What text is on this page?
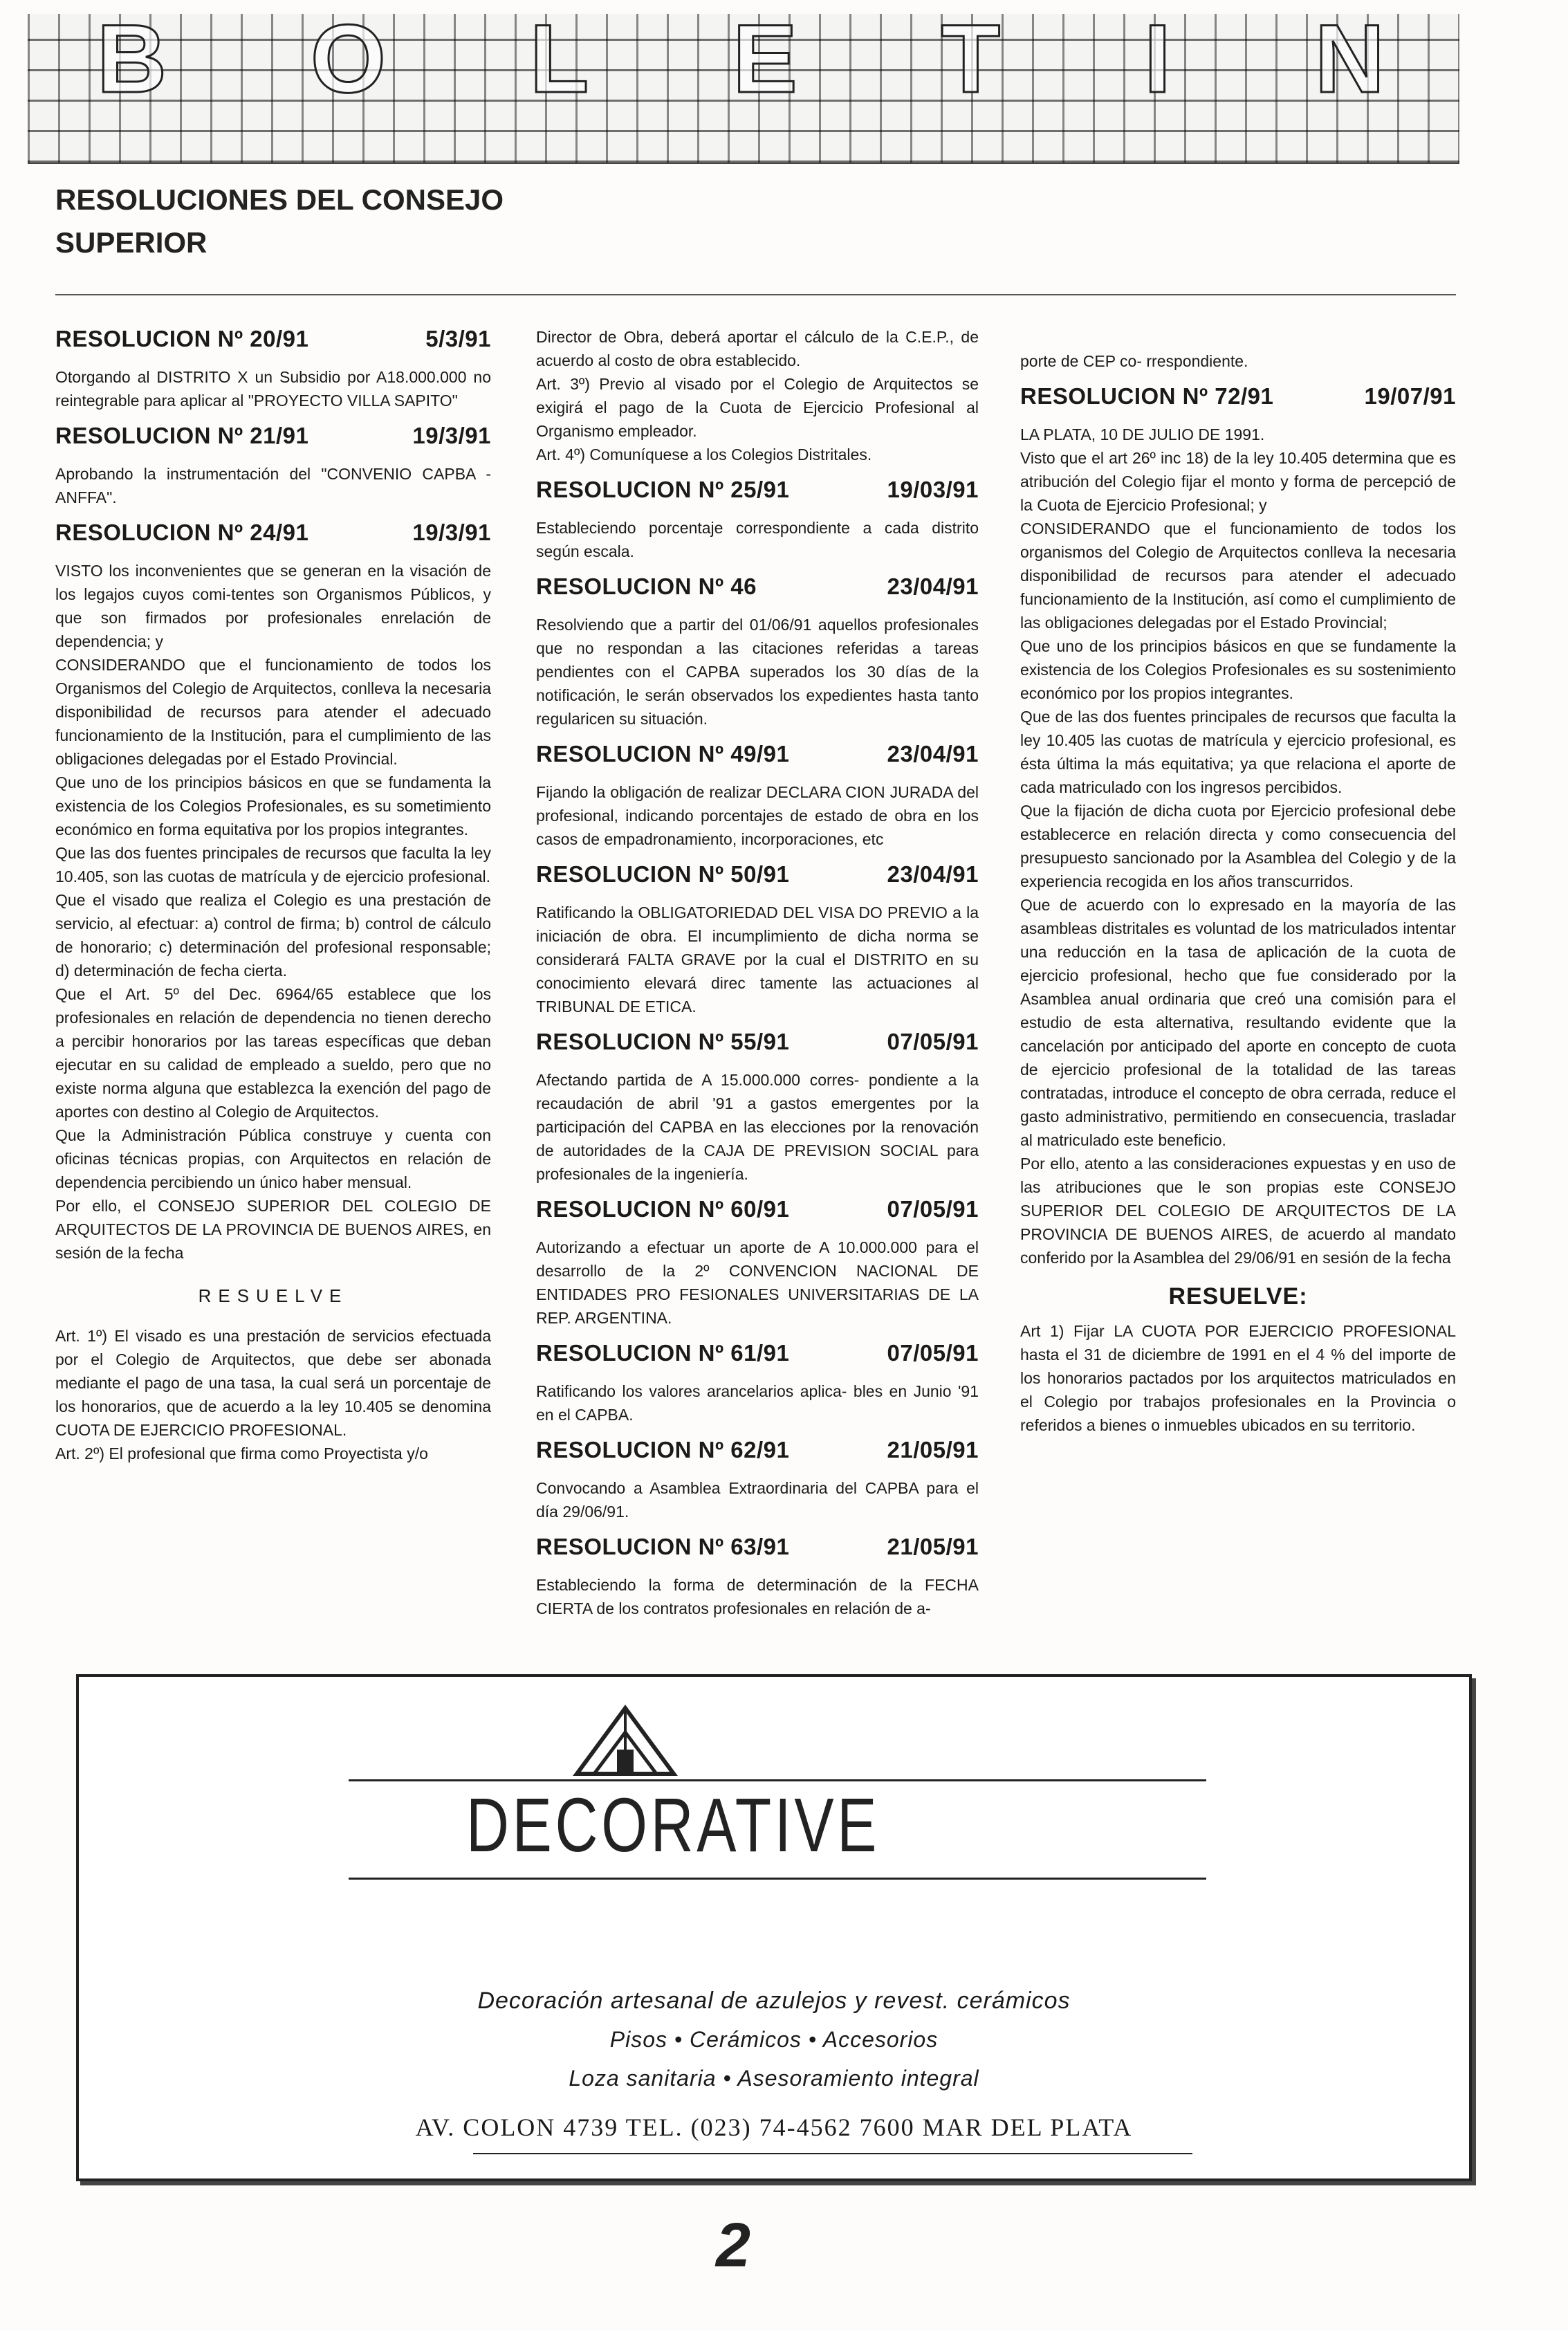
B O L E T I N
RESOLUCIONES DEL CONSEJO
SUPERIOR
RESOLUCION Nº 20/91	5/3/91

Otorgando al DISTRITO X un Subsidio por A18.000.000 no reintegrable para aplicar al "PROYECTO VILLA SAPITO"

RESOLUCION Nº 21/91	19/3/91

Aprobando la instrumentación del "CONVENIO CAPBA - ANFFA".

RESOLUCION Nº 24/91	19/3/91

VISTO los inconvenientes que se generan en la visación de los legajos cuyos comi-tentes son Organismos Públicos, y que son firmados por profesionales enrelación de dependencia; y
CONSIDERANDO que el funcionamiento de todos los Organismos del Colegio de Arquitectos, conlleva la necesaria disponibilidad de recursos para atender el adecuado funcionamiento de la Institución, para el cumplimiento de las obligaciones delegadas por el Estado Provincial.
Que uno de los principios básicos en que se fundamenta la existencia de los Colegios Profesionales, es su sometimiento económico en forma equitativa por los propios integrantes.
Que las dos fuentes principales de recursos que faculta la ley 10.405, son las cuotas de matrícula y de ejercicio profesional.
Que el visado que realiza el Colegio es una prestación de servicio, al efectuar: a) control de firma; b) control de cálculo de honorario; c) determinación del profesional responsable; d) determinación de fecha cierta.
Que el Art. 5º del Dec. 6964/65 establece que los profesionales en relación de dependencia no tienen derecho a percibir honorarios por las tareas específicas que deban ejecutar en su calidad de empleado a sueldo, pero que no existe norma alguna que establezca la exención del pago de aportes con destino al Colegio de Arquitectos.
Que la Administración Pública construye y cuenta con oficinas técnicas propias, con Arquitectos en relación de dependencia percibiendo un único haber mensual.
Por ello, el CONSEJO SUPERIOR DEL COLEGIO DE ARQUITECTOS DE LA PROVINCIA DE BUENOS AIRES, en sesión de la fecha

RESUELVE

Art. 1º) El visado es una prestación de servicios efectuada por el Colegio de Arquitectos, que debe ser abonada mediante el pago de una tasa, la cual será un porcentaje de los honorarios, que de acuerdo a la ley 10.405 se denomina CUOTA DE EJERCICIO PROFESIONAL.
Art. 2º) El profesional que firma como Proyectista y/o

Director de Obra, deberá aportar el cálculo de la C.E.P., de acuerdo al costo de obra establecido.
Art. 3º) Previo al visado por el Colegio de Arquitectos se exigirá el pago de la Cuota de Ejercicio Profesional al Organismo empleador.
Art. 4º) Comuníquese a los Colegios Distritales.

RESOLUCION Nº 25/91	19/03/91

Estableciendo porcentaje correspondiente a cada distrito según escala.

RESOLUCION Nº 46	23/04/91

Resolviendo que a partir del 01/06/91 aquellos profesionales que no respondan a las citaciones referidas a tareas pendientes con el CAPBA superados los 30 días de la notificación, le serán observados los expedientes hasta tanto regularicen su situación.

RESOLUCION Nº 49/91	23/04/91

Fijando la obligación de realizar DECLARA CION JURADA del profesional, indicando porcentajes de estado de obra en los casos de empadronamiento, incorporaciones, etc

RESOLUCION Nº 50/91	23/04/91

Ratificando la OBLIGATORIEDAD DEL VISA DO PREVIO a la iniciación de obra. El incumplimiento de dicha norma se considerará FALTA GRAVE por la cual el DISTRITO en su conocimiento elevará direc tamente las actuaciones al TRIBUNAL DE ETICA.

RESOLUCION Nº 55/91	07/05/91

Afectando partida de A 15.000.000 corres- pondiente a la recaudación de abril '91 a gastos emergentes por la participación del CAPBA en las elecciones por la renovación de autoridades de la CAJA DE PREVISION SOCIAL para profesionales de la ingeniería.

RESOLUCION Nº 60/91	07/05/91

Autorizando a efectuar un aporte de A 10.000.000 para el desarrollo de la 2º CONVENCION NACIONAL DE ENTIDADES PRO FESIONALES UNIVERSITARIAS DE LA REP. ARGENTINA.

RESOLUCION Nº 61/91	07/05/91

Ratificando los valores arancelarios aplica- bles en Junio '91 en el CAPBA.

RESOLUCION Nº 62/91	21/05/91

Convocando a Asamblea Extraordinaria del CAPBA para el día 29/06/91.

RESOLUCION Nº 63/91	21/05/91

Estableciendo la forma de determinación de la FECHA CIERTA de los contratos profesionales en relación de a-

porte de CEP co- rrespondiente.

RESOLUCION Nº 72/91	19/07/91

LA PLATA, 10 DE JULIO DE 1991.
Visto que el art 26º inc 18) de la ley 10.405 determina que es atribución del Colegio fijar el monto y forma de percepció de la Cuota de Ejercicio Profesional; y
CONSIDERANDO que el funcionamiento de todos los organismos del Colegio de Arquitectos conlleva la necesaria disponibilidad de recursos para atender el adecuado funcionamiento de la Institución, así como el cumplimiento de las obligaciones delegadas por el Estado Provincial;
Que uno de los principios básicos en que se fundamente la existencia de los Colegios Profesionales es su sostenimiento económico por los propios integrantes.
Que de las dos fuentes principales de recursos que faculta la ley 10.405 las cuotas de matrícula y ejercicio profesional, es ésta última la más equitativa; ya que relaciona el aporte de cada matriculado con los ingresos percibidos.
Que la fijación de dicha cuota por Ejercicio profesional debe establecerce en relación directa y como consecuencia del presupuesto sancionado por la Asamblea del Colegio y de la experiencia recogida en los años transcurridos.
Que de acuerdo con lo expresado en la mayoría de las asambleas distritales es voluntad de los matriculados intentar una reducción en la tasa de aplicación de la cuota de ejercicio profesional, hecho que fue considerado por la Asamblea anual ordinaria que creó una comisión para el estudio de esta alternativa, resultando evidente que la cancelación por anticipado del aporte en concepto de cuota de ejercicio profesional de la totalidad de las tareas contratadas, introduce el concepto de obra cerrada, reduce el gasto administrativo, permitiendo en consecuencia, trasladar al matriculado este beneficio.
Por ello, atento a las consideraciones expuestas y en uso de las atribuciones que le son propias este CONSEJO SUPERIOR DEL COLEGIO DE ARQUITECTOS DE LA PROVINCIA DE BUENOS AIRES, de acuerdo al mandato conferido por la Asamblea del 29/06/91 en sesión de la fecha

RESUELVE:

Art 1) Fijar LA CUOTA POR EJERCICIO PROFESIONAL hasta el 31 de diciembre de 1991 en el 4 % del importe de los honorarios pactados por los arquitectos matriculados en el Colegio por trabajos profesionales en la Provincia o referidos a bienes o inmuebles ubicados en su territorio.

DECORATIVE
Decoración artesanal de azulejos y revest. cerámicos
Pisos • Cerámicos • Accesorios
Loza sanitaria • Asesoramiento integral
AV. COLON 4739 TEL. (023) 74-4562 7600 MAR DEL PLATA
2
